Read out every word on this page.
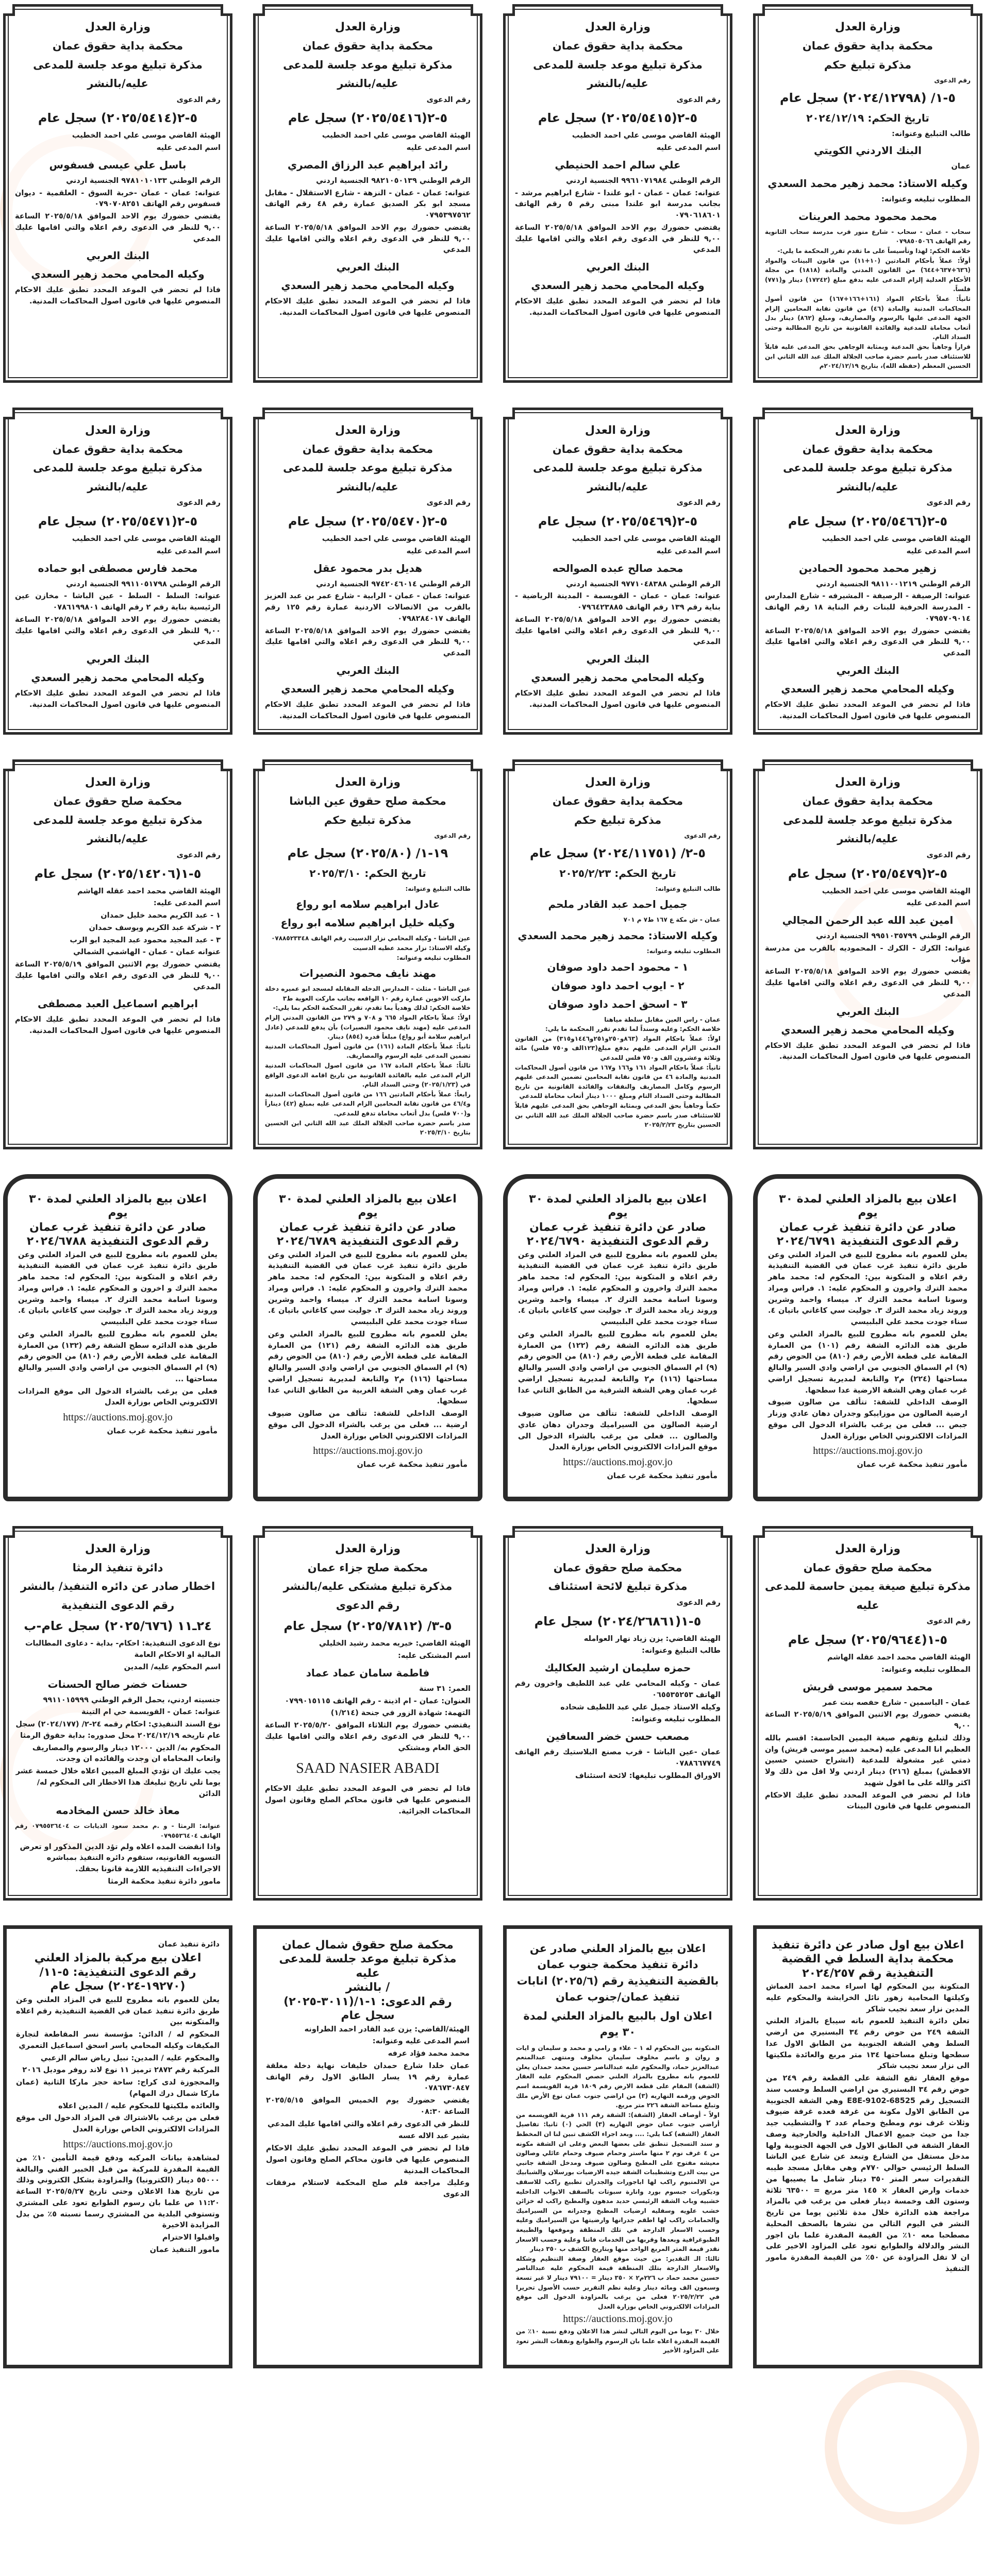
وزارة العدل

محكمة بداية حقوق عمان

مذكرة تبليغ حكم

رقم الدعوى

٥-١/ (٢٠٢٤/١٢٧٩٨) سجل عام

تاريخ الحكم: ٢٠٢٤/١٢/١٩

طالب التبليغ وعنوانه:

البنك الاردني الكويتي

عمان

وكيله الاستاذ: محمد زهير محمد السعدي

المطلوب تبليغه وعنوانه:

محمد محمود محمد العرينات

سحاب - عمان - سحاب - شارع منور قرب مدرسة سحاب الثانوية رقم الهاتف ٠٧٩٨٥٠٥٠٦٦

خلاصة الحكم: لهذا وتأسيساً على ما تقدم تقرر المحكمة ما يلي:-

أولاً: عملاً بأحكام المادتين (١٠+١١) من قانون البينات والمواد (٦٣٦+٦٣٧+٦٤٤) من القانون المدني والمادة (١٨١٨) من مجلة الأحكام العدلية إلزام المدعى عليه بدفع مبلغ (١٧٢٤٢) دينار و(٧٧١) فلساً.

ثانياً: عملاً بأحكام المواد (١٦١+١٦٦+١٦٧) من قانون أصول المحاكمات المدنية والمادة (٤٦) من قانون نقابة المحامين إلزام الجهة المدعى عليها بالرسوم والمصاريف، ومبلغ (٨٦٢) دينار بدل أتعاب محاماة للمدعية والفائدة القانونية من تاريخ المطالبة وحتى السداد التام.

قراراً وجاهياً بحق المدعية وبمثابة الوجاهي بحق المدعى عليه قابلاً للاستئناف صدر باسم حضرة صاحب الجلالة الملك عبد الله الثاني ابن الحسين المعظم (حفظه الله)، بتاريخ ٢٠٢٤/١٢/١٩م

وزارة العدل

محكمة بداية حقوق عمان

مذكرة تبليغ موعد جلسة للمدعى

عليه/بالنشر

رقم الدعوى

٥-٢(٢٠٢٥/٥٤١٥) سجل عام

الهيئة القاضي موسى علي احمد الخطيب

اسم المدعى عليه

علي سالم احمد الحنيطي

الرقم الوطني ٩٩٦١٠٧١٩٨٤ الجنسية اردني

عنوانه: عمان - عمان - ابو علندا - شارع ابراهيم مرشد - بجانب مدرسة ابو علندا مبنى رقم ٥ رقم الهاتف ٠٧٩٠٦١٨٦٠١

يقتضي حضورك يوم الاحد الموافق ٢٠٢٥/٥/١٨ الساعة ٩,٠٠ للنظر في الدعوى رقم اعلاه والتي اقامها عليك المدعي

البنك العربي

وكيله المحامي محمد زهير السعدي

فاذا لم تحضر في الموعد المحدد تطبق عليك الاحكام المنصوص عليها في قانون اصول المحاكمات المدنية.

وزارة العدل

محكمة بداية حقوق عمان

مذكرة تبليغ موعد جلسة للمدعى

عليه/بالنشر

رقم الدعوى

٥-٢(٢٠٢٥/٥٤١٦) سجل عام

الهيئة القاضي موسى علي احمد الخطيب

اسم المدعى عليه

رائد ابراهيم عبد الرزاق المصري

الرقم الوطني ٩٨٢١٠٥٠١٣٩ الجنسية اردني

عنوانه: عمان - عمان - النزهة - شارع الاستقلال - مقابل مسجد ابو بكر الصديق عمارة رقم ٤٨ رقم الهاتف ٠٧٩٥٣٩٧٥٦٢

يقتضي حضورك يوم الاحد الموافق ٢٠٢٥/٥/١٨ الساعة ٩,٠٠ للنظر في الدعوى رقم اعلاه والتي اقامها عليك المدعي

البنك العربي

وكيله المحامي محمد زهير السعدي

فاذا لم تحضر في الموعد المحدد تطبق عليك الاحكام المنصوص عليها في قانون اصول المحاكمات المدنية.

وزارة العدل

محكمة بداية حقوق عمان

مذكرة تبليغ موعد جلسة للمدعى

عليه/بالنشر

رقم الدعوى

٥-٢(٢٠٢٥/٥٤١٤) سجل عام

الهيئة القاضي موسى علي احمد الخطيب

اسم المدعى عليه

باسل علي عيسى فسفوس

الرقم الوطني ٩٧٨١٠١٠١٣٣ الجنسية اردني

عنوانه: عمان - عمان -خربة السوق - العلقمية - ديوان فسفوس رقم الهاتف ٠٧٩٠٧٠٨٢٥١

يقتضي حضورك يوم الاحد الموافق ٢٠٢٥/٥/١٨ الساعة ٩,٠٠ للنظر في الدعوى رقم اعلاه والتي اقامها عليك المدعي

البنك العربي

وكيله المحامي محمد زهير السعدي

فاذا لم تحضر في الموعد المحدد تطبق عليك الاحكام المنصوص عليها في قانون اصول المحاكمات المدنية.

وزارة العدل

محكمة بداية حقوق عمان

مذكرة تبليغ موعد جلسة للمدعى

عليه/بالنشر

رقم الدعوى

٥-٢(٢٠٢٥/٥٤٦٦) سجل عام

الهيئة القاضي موسى علي احمد الخطيب

اسم المدعى عليه

زهير محمد محمود الحمادين

الرقم الوطني ٩٨١١٠٠١٢١٩ الجنسية اردني

عنوانه: الرصيفة - الرصيفة - المشيرفه - شارع المدارس - المدرسة الحرفية للبنات رقم البناية ١٨ رقم الهاتف ٠٧٩٥٧٠٩٠١٤

يقتضي حضورك يوم الاحد الموافق ٢٠٢٥/٥/١٨ الساعة ٩,٠٠ للنظر في الدعوى رقم اعلاه والتي اقامها عليك المدعي

البنك العربي

وكيله المحامي محمد زهير السعدي

فاذا لم تحضر في الموعد المحدد تطبق عليك الاحكام المنصوص عليها في قانون اصول المحاكمات المدنية.

وزارة العدل

محكمة بداية حقوق عمان

مذكرة تبليغ موعد جلسة للمدعى

عليه/بالنشر

رقم الدعوى

٥-٢(٢٠٢٥/٥٤٦٩) سجل عام

الهيئة القاضي موسى علي احمد الخطيب

اسم المدعى عليه

محمد صالح عبده الصوالحه

الرقم الوطني ٩٧٧١٠٤٨٣٨٨ الجنسية اردني

عنوانه: عمان - عمان - القويسمة - المدينة الرياضية - بناية رقم ١٣٩ رقم الهاتف ٠٧٩٦٤٢٣٨٨٥

يقتضي حضورك يوم الاحد الموافق ٢٠٢٥/٥/١٨ الساعة ٩,٠٠ للنظر في الدعوى رقم اعلاه والتي اقامها عليك المدعي

البنك العربي

وكيله المحامي محمد زهير السعدي

فاذا لم تحضر في الموعد المحدد تطبق عليك الاحكام المنصوص عليها في قانون اصول المحاكمات المدنية.

وزارة العدل

محكمة بداية حقوق عمان

مذكرة تبليغ موعد جلسة للمدعى

عليه/بالنشر

رقم الدعوى

٥-٢(٢٠٢٥/٥٤٧٠) سجل عام

الهيئة القاضي موسى علي احمد الخطيب

اسم المدعى عليه

هديل بدر محمود عقل

الرقم الوطني ٩٧٤٢٠٤٦٠١٤ الجنسية اردني

عنوانه: عمان - عمان - الرابية - شارع عمر بن عبد العزيز بالقرب من الاتصالات الاردنية عمارة رقم ١٢٥ رقم الهاتف ٠٧٩٨٢٨٤٠١٧

يقتضي حضورك يوم الاحد الموافق ٢٠٢٥/٥/١٨ الساعة ٩,٠٠ للنظر في الدعوى رقم اعلاه والتي اقامها عليك المدعي

البنك العربي

وكيله المحامي محمد زهير السعدي

فاذا لم تحضر في الموعد المحدد تطبق عليك الاحكام المنصوص عليها في قانون اصول المحاكمات المدنية.

وزارة العدل

محكمة بداية حقوق عمان

مذكرة تبليغ موعد جلسة للمدعى

عليه/بالنشر

رقم الدعوى

٥-٢(٢٠٢٥/٥٤٧١) سجل عام

الهيئة القاضي موسى علي احمد الخطيب

اسم المدعى عليه

محمد فارس مصطفى ابو حماده

الرقم الوطني ٩٩١١٠٥١٧٩٨ الجنسية اردني

عنوانه: السلط - السلط - عين الباشا - مخازن عين الرئيسية بناية رقم ٢ رقم الهاتف ٠٧٨٦١٩٩٨٠١

يقتضي حضورك يوم الاحد الموافق ٢٠٢٥/٥/١٨ الساعة ٩,٠٠ للنظر في الدعوى رقم اعلاه والتي اقامها عليك المدعي

البنك العربي

وكيله المحامي محمد زهير السعدي

فاذا لم تحضر في الموعد المحدد تطبق عليك الاحكام المنصوص عليها في قانون اصول المحاكمات المدنية.

وزارة العدل

محكمة بداية حقوق عمان

مذكرة تبليغ موعد جلسة للمدعى

عليه/بالنشر

رقم الدعوى

٥-٢(٢٠٢٥/٥٤٧٩) سجل عام

الهيئة القاضي موسى علي احمد الخطيب

اسم المدعى عليه

امين عبد الله عبد الرحمن المجالي

الرقم الوطني ٩٩٥١٠٣٥٧٩٩ الجنسية اردني

عنوانه: الكرك - الكرك - المحموديه بالقرب من مدرسة مؤاب

يقتضي حضورك يوم الاحد الموافق ٢٠٢٥/٥/١٨ الساعة ٩,٠٠ للنظر في الدعوى رقم اعلاه والتي اقامها عليك المدعي

البنك العربي

وكيله المحامي محمد زهير السعدي

فاذا لم تحضر في الموعد المحدد تطبق عليك الاحكام المنصوص عليها في قانون اصول المحاكمات المدنية.

وزارة العدل

محكمة بداية حقوق عمان

مذكرة تبليغ حكم

رقم الدعوى

٥-٢/ (٢٠٢٤/١١٧٥١) سجل عام

تاريخ الحكم: ٢٠٢٥/٢/٢٣

طالب التبليغ وعنوانه:

جميل احمد عبد القادر ملحم

عمان - ش مكة ع ١٦٧ ط٧ م ٧٠١

وكيله الاستاذ: محمد زهير محمد السعدي

المطلوب تبليغه وعنوانه:

١ - محمود احمد داود صوفان

٢ - ايوب احمد داود صوفان

٣ - اسحق احمد داود صوفان

عمان - راس العين مقابل سلطة مياهنا

خلاصة الحكم: وعليه وسنداً لما تقدم تقرر المحكمة ما يلي:

اولاً: عملاً باحكام المواد (٨٦٣و٢٥٠و٢٥١و١٤٤٦و٣١٥) من القانون المدني الزام المدعى عليهم بدفع مبلغ(١٢٣الف و٧٥٠ فلس) مائة وثلاثة وعشرون الف و٧٥٠ فلس للمدعي

ثانياً: عملاً باحكام المواد ١٦١ و١٦٦ و١٦٧ من قانون أصول المحاكمات المدنية والمادة ٤٦ من قانون نقابة المحامين تضمين المدعى عليهم الرسوم وكامل المصاريف والنفقات والفائدة القانونية من تاريخ المطالبة وحتى السداد التام ومبلغ ١٠٠٠ دينار أتعاب محاماة للمدعي

حكماً وجاهياً بحق المدعي وبمثابة الوجاهي بحق المدعى عليهم قابلاً للاستئناف صدر باسم حضرة صاحب الجلالة الملك عبد الله الثاني بن الحسين بتاريخ ٢٠٢٥/٢/٢٣

وزارة العدل

محكمة صلح حقوق عين الباشا

مذكرة تبليغ حكم

رقم الدعوى

١٩-١/ (٢٠٢٥/٨٠) سجل عام

تاريخ الحكم: ٢٠٢٥/٣/١٠

طالب التبليغ وعنوانه:

عادل ابراهيم سلامه ابو رواع

وكيله خليل ابراهيم سلامه ابو رواع

عين الباشا - وكيله المحامي نزار الدسيت رقم الهاتف ٠٧٨٨٥٢٣٣٤٨

وكيله الاستاذ: نزار محمد عطيه الدسيت

المطلوب تبليغه وعنوانه:

مهند نايف محمود النصيرات

عين الباشا - مثلث - المدارس الدخله المقابله لمسجد ابو عميره دخلة ماركت الاخوين عمارة رقم ١٠ الواقعه بجانب ماركت العوية ط٣

خلاصة الحكم: لذلك وهدياً بما تقدم، تقرر المحكمة الحكم بما يلي:-

اولاً: عملاً باحكام المواد ٦٦٥ و ٧٠٨ و ٢٧٩ من القانون المدني إلزام المدعى عليه (مهند نايف محمود النصيرات) بأن يدفع للمدعي (عادل ابراهيم سلامة أبو رواع) مبلغاً قدره (٨٥٤) دينار.

ثانياً: عملاً بأحكام المادة (١٦١) من قانون أصول المحاكمات المدنية تضمين المدعى عليه الرسوم والمصاريف.

ثالثاً: عملاً باحكام المادة ١٦٧ من قانون اصول المحاكمات المدنية الزام المدعى عليه بالفائدة القانونية من تاريخ اقامة الدعوى الواقع في (٢٠٢٥/١/٢٣) وحتى السداد التام.

رابعاً: عملاً بأحكام المادتين ١٦٦ من قانون أصول المحاكمات المدنية و٤٦/٤ من قانون نقابة المحامين الزام المدعى عليه بمبلغ (٤٢) ديناراً و(٧٠٠ فلس) بدل أتعاب محاماة تدفع للمدعي.

صدر باسم حضرة صاحب الجلالة الملك عبد الله الثاني ابن الحسين بتاريخ ٢٠٢٥/٣/١٠

وزارة العدل

محكمة صلح حقوق عمان

مذكرة تبليغ موعد جلسة للمدعى

عليه/بالنشر

رقم الدعوى

٥-١(٢٠٢٥/١٤٢٠٦) سجل عام

الهيئة القاضي محمد احمد عقله الهاشم

اسم المدعى عليه:

١ - عبد الكريم محمد خليل حمدان

٢ - شركة عبد الكريم ويوسف حمدان

٣ - عبد المجيد محمود عبد المجيد ابو الرب

عنوانه عمان - عمان - الهاشمي الشمالي

يقتضي حضورك يوم الاثنين الموافق ٢٠٢٥/٥/١٩ الساعة ٩,٠٠ للنظر في الدعوى رقم اعلاه والتي اقامها عليك المدعي

ابراهيم اسماعيل العبد مصطفى

فاذا لم تحضر في الموعد المحدد تطبق عليك الاحكام المنصوص عليها في قانون اصول المحاكمات المدنية.

اعلان بيع بالمزاد العلني لمدة ٣٠ يوم

صادر عن دائرة تنفيذ غرب عمان

رقم الدعوى التنفيذية ٢٠٢٤/٦٧٩١

يعلن للعموم بانه مطروح للبيع في المزاد العلني وعن طريق دائرة تنفيذ غرب عمان في القضية التنفيذية رقم اعلاه و المتكونة بين: المحكوم له: محمد ماهر محمد الترك واخرون و المحكوم عليه: ١. فراس ومراد وسونا اسامة محمد الترك ٢. ميساء واحمد وشرين وروند زياد محمد الترك ٣. جوليت سي كاغاني باتيان ٤. سناء جودت محمد علي البلبيسي

يعلن للعموم بانه مطروح للبيع بالمزاد العلني وعن طريق هذه الدائره الشقة رقم (١٠١) من العمارة المقامة على قطعة الأرض رقم (٨١٠) من الحوض رقم (٩) ام السماق الجنوبي من اراضي وادي السير والبالغ مساحتها (٢٢٤) م٢ والتابعة لمديرية تسجيل اراضي غرب عمان وهي الشقة الارضية عدا سطحها.

الوصف الداخلي للشقة: تتألف من صالون ضيوف ارضية الصالون من موزاييكو وجدران دهان عادي وزنار جبص ... فعلى من يرغب بالشراء الدخول الى موقع المزادات الالكتروني الخاص بوزارة العدل

https://auctions.moj.gov.jo

مأمور تنفيذ محكمة غرب عمان

اعلان بيع بالمزاد العلني لمدة ٣٠ يوم

صادر عن دائرة تنفيذ غرب عمان

رقم الدعوى التنفيذية ٢٠٢٤/٦٧٩٠

يعلن للعموم بانه مطروح للبيع في المزاد العلني وعن طريق دائرة تنفيذ غرب عمان في القضية التنفيذية رقم اعلاه و المتكونة بين: المحكوم له: محمد ماهر محمد الترك واخرون و المحكوم عليه: ١. فراس ومراد وسونا اسامة محمد الترك ٢. ميساء واحمد وشرين وروند زياد محمد الترك ٣. جوليت سي كاغاني باتيان ٤. سناء جودت محمد علي البلبيسي

يعلن للعموم بانه مطروح للبيع بالمزاد العلني وعن طريق هذه الدائره الشقة رقم (١٢٢) من العمارة المقامة على قطعة الأرض رقم (٨١٠) من الحوض رقم (٩) ام السماق الجنوبي من اراضي وادي السير والبالغ مساحتها (١١٦) م٢ والتابعة لمديرية تسجيل اراضي غرب عمان وهي الشقة الشرقية من الطابق الثاني عدا سطحها.

الوصف الداخلي للشقة: تتألف من صالون ضيوف ارضية الصالون من السيراميك وجدران دهان عادي والصالون ... فعلى من يرغب بالشراء الدخول الى موقع المزادات الالكتروني الخاص بوزارة العدل

https://auctions.moj.gov.jo

مأمور تنفيذ محكمة غرب عمان

اعلان بيع بالمزاد العلني لمدة ٣٠ يوم

صادر عن دائرة تنفيذ غرب عمان

رقم الدعوى التنفيذية ٢٠٢٤/٦٧٨٩

يعلن للعموم بانه مطروح للبيع في المزاد العلني وعن طريق دائرة تنفيذ غرب عمان في القضية التنفيذية رقم اعلاه و المتكونة بين: المحكوم له: محمد ماهر محمد الترك واخرون و المحكوم عليه: ١. فراس ومراد وسونا اسامة محمد الترك ٢. ميساء واحمد وشرين وروند زياد محمد الترك ٣. جوليت سي كاغاني باتيان ٤. سناء جودت محمد علي البلبيسي

يعلن للعموم بانه مطروح للبيع بالمزاد العلني وعن طريق هذه الدائره الشقة رقم (١٢١) من العمارة المقامة على قطعة الأرض رقم (٨١٠) من الحوض رقم (٩) ام السماق الجنوبي من اراضي وادي السير والبالغ مساحتها (١١٦) م٢ والتابعة لمديرية تسجيل اراضي غرب عمان وهي الشقة الغربية من الطابق الثاني عدا سطحها.

الوصف الداخلي للشقة: تتألف من صالون ضيوف ارضية ... فعلى من يرغب بالشراء الدخول الى موقع المزادات الالكتروني الخاص بوزارة العدل

https://auctions.moj.gov.jo

مأمور تنفيذ محكمة غرب عمان

اعلان بيع بالمزاد العلني لمدة ٣٠ يوم

صادر عن دائرة تنفيذ غرب عمان

رقم الدعوى التنفيذية ٢٠٢٤/٦٧٨٨

يعلن للعموم بانه مطروح للبيع في المزاد العلني وعن طريق دائرة تنفيذ غرب عمان في القضية التنفيذية رقم اعلاه و المتكونة بين: المحكوم له: محمد ماهر محمد الترك و اخرون و المحكوم عليه: ١. فراس ومراد وسونا اسامة محمد الترك ٢. ميساء واحمد وشرين وروند زياد محمد الترك ٣. جوليت سي كاغاني باتيان ٤. سناء جودت محمد علي البلبيسي

يعلن للعموم بانه مطروح للبيع بالمزاد العلني وعن طريق هذه الدائره سطح الشقة رقم (١٣٢) من العمارة المقامة على قطعة الأرض رقم (٨١٠) من الحوض رقم (٩) ام السماق الجنوبي من اراضي وادي السير والبالغ مساحتها ...

فعلى من يرغب بالشراء الدخول الى موقع المزادات الالكتروني الخاص بوزارة العدل

https://auctions.moj.gov.jo

مأمور تنفيذ محكمة غرب عمان

وزارة العدل

محكمة صلح حقوق عمان

مذكرة تبليغ صيغة يمين حاسمة للمدعى

عليه

رقم الدعوى

٥-١(٢٠٢٥/٩٦٤٤) سجل عام

الهيئة القاضي محمد احمد عقله الهاشم

المطلوب تبليغه وعنوانه:

محمد سمير موسى قريش

عمان - الياسمين - شارع حفصه بنت عمر

يقتضي حضورك يوم الاثنين الموافق ٢٠٢٥/٥/١٩ الساعة ٩,٠٠

وذلك لتبليغ وتفهم صيغة اليمين الحاسمة: اقسم بالله العظيم انا المدعى عليه (محمد سمير موسى قريش) وان ذمتي غير مشغولة للمدعية (انشراح حسني حسين الاقطش) بمبلغ (٢١٦) دينار اردني ولا اقل من ذلك ولا اكثر والله على ما اقول شهيد

فاذا لم تحضر في الموعد المحدد تطبق عليك الاحكام المنصوص عليها في قانون البينات

وزارة العدل

محكمة صلح حقوق عمان

مذكرة تبليغ لائحة استئناف

رقم الدعوى

٥-١(٢٠٢٤/٢٦٨٦١) سجل عام

الهيئة القاضي: يزن زياد نهار العوامله

طالب التبليغ وعنوانه:

حمزه سليمان ارشيد العكاليك

عمان - وكيله المحامي علي عبد اللطيف واخرون رقم الهاتف ٠٦٥٥٣٥٢٥٣

وكيله الاستاذ جميل علي عبد اللطيف شحاده

المطلوب تبليغه وعنوانه:

مصعب حسن خضر السعافين

عمان -عين الباشا - قرب مصنع البلاستيك رقم الهاتف ٠٧٨٨٦٦٧٧٤٩

الاوراق المطلوب تبليغها: لائحة استئناف

وزارة العدل

محكمة صلح جزاء عمان

مذكرة تبليغ مشتكى عليه/بالنشر

رقم الدعوى

٥-٣/ (٢٠٢٥/٧٨١٢) سجل عام

الهيئة القاضي: خيريه محمد رشيد الخليلي

اسم المشتكى عليه:

فاطمة سامان عماد عماد

العمر: ٣١ سنة

العنوان: عمان - ام اذينة - رقم الهاتف ٠٧٩٩٠١٥١١٥

التهمة: شهادة الزور في جنحة (١/٢١٤)

يقتضي حضورك يوم الثلاثاء الموافق ٢٠٢٥/٥/٢٠ الساعة ٩,٠٠ للنظر في الدعوى رقم اعلاه والتي اقامها عليك الحق العام ومشتكي

SAAD NASIER ABADI

فاذا لم تحضر في الموعد المحدد تطبق عليك الاحكام المنصوص عليها في قانون محاكم الصلح وقانون اصول المحاكمات الجزائية.

وزارة العدل

دائرة تنفيذ الرمثا

اخطار صادر عن دائره التنفيذ/ بالنشر

رقم الدعوى التنفيذية

٢٤ـ١١ (٢٠٢٥/٦٧٦) سجل عام-ب

نوع الدعوى التنفيذية: احكام- بداية - دعاوى المطالبات المالية او الاحكام العامة

اسم المحكوم عليه/ المدين

حسنات خضر صالح الحسنات

جنسيته اردني، يحمل الرقم الوطني ٩٩١١٠١٥٩٩٩

عنوانه: عمان - القويسمة حي ام التينة

نوع السند التنفيذي: احكام رقمه ٢٤-٢/ (٢٠٢٤/١٧٧) سجل عام تاريخه ٢٠٢٤/١٢/١٩ محل صدوره: بداية حقوق الرمثا

المحكوم به/ الدين ١٢٠٠٠ دينار والرسوم والمصاريف واتعاب المحاماه ان وجدت والفائده ان وجدت.

يجب عليك ان تؤدي المبلغ المبين اعلاه خلال خمسة عشر يوما تلي تاريخ تبليغك هذا الاخطار الى المحكوم له/ الدائن

معاذ خالد حسن المخادمه

عنوانه: الرمثا - و .م محمد سعود الذيابات ت ٠٧٩٥٥٣٦٤٠٤ رقم الهاتف ٠٧٩٥٥٣٦٤٠٤

واذا انقضت المده اعلاه ولم تؤد الدين المذكور او تعرض التسويه القانونيه، ستقوم دائره التنفيذ بمباشره الاجراءات التنفيذيه اللازمة قانونا بحقك.

مامور دائرة تنفيذ محكمة الرمثا

اعلان بيع اول صادر عن دائرة تنفيذ

محكمة بداية السلط في القضية

التنفيذية رقم ٢٠٢٤/٢٥٧

المتكونة بين المحكوم لها اسراء محمد احمد الغماش وكيلتها المحامية زهور نائل الخرابشة والمحكوم عليه المدين نزار سعد نجيب شاكر

تعلن دائرة التنفيذ للعموم بانه سيباع بالمزاد العلني الشقة ٢٤٩ من حوض رقم ٣٤ البسنيري من ارضي السلط وهي الشقة الجنوبية من الطابق الاول عدا سطحها وتبلغ مساحتها ١٣٤ متر مربع والعائدة ملكيتها الى نزار سعد نجيب شاكر

موقع العقار تقع الشقة على القطعة رقم ٢٤٩ من حوض رقم ٣٤ البسنيري من اراضي السلط وحسب سند التسجيل رقم 68525-E8E-9102 وهي الشقة الجنوبية من الطابق الاول مكونة من غرفة قعده غرفة ضيوف وثلاث غرف نوم ومطبخ وحمام عدد ٢ والتشطيب جيد جدا من حيث جميع الاعمال الداخلية والخارجية وصف العقار الشقة في الطابق الاول في الجهة الجنوبية ولها مدخل مستقل من الشارع وتبعد عن شارع عين الباشا السلط الرئيسي حوالي ٧٧٠م وهي مقابل مسجد طيبه التقديرات سعر المتر ٣٥٠ دينار شامل ما يصيبها من خدمات وارض العقار × ١٤٥ متر مربع = ٦٣٥٠٠ ثلاثة وستون الف وخمسة دينار فعلى من يرغب في بالمزاد مراجعة هذه الدائرة خلال مدة ثلاثين يوما من تاريخ النشر في اليوم التالي من نشرها بالصحف المحلية مصطحبا معه ١٠٪ من القيمة المقدرة علما بان اجور النشر والدلالة والطوابع تعود على المزاود الاخير على ان لا تقل المزاودة عن ٥٠٪ من القيمة المقدرة مامور التنفيذ

اعلان بيع بالمزاد العلني صادر عن دائرة تنفيذ محكمة جنوب عمان بالقضية التنفيذية رقم (٢٠٢٥/٦) انابات تنفيذ عمان/جنوب عمان

اعلان اول بالبيع بالمزاد العلني لمدة ٣٠ يوم

المتكونه بين المحكوم له ١ – علاء و رامي و محمد و سليمان و ايات و روان و باسم مخلوف سليمان مخلوف ومنتهى عبدالمنعم عبدالعزيز حماد، والمحكوم عليه عبدالناصر حسين محمد حمدان يعلن للعموم بانه مطروح بالمزاد العلني حصص المحكوم عليه العقار (الشقة) المقام على قطعة الارض رقم ١٨٠٩ قرية القويسمة اسم الحوض ورقمه النهاريه (٣) من اراضي جنوب عمان نوع الأرض ملك وتبلغ مساحة الشقة ٢٢٦ متر مربع.

اولاً - أوصاف العقار (الشقة): الشقة رقم ١١١ قرية القويسمه من أراضي جنوب عمان حوض النهاريه (٣) الحي (٠) ثانيا: تفاصيل العقار (الشقه) كما يلي: .... وبعد اجراء الكشف تبين لنا ان المخطط و سند التسجيل تنطبق على بعضها البعض وعلى ان الشقة مكونه من ٤ غرف نوم ٢ منها ماستر وحمام ضيوف وحمام عائلي وصالون معيشه مفتوح على المطبخ وصالون ضيوف ومدخل الشقة جانبي من بيت الدرج وتشطيبات الشقة جيده الارضيات بورسلان والشبابيك من الالمنيوم راكب لها اباجورات والجدران تطبيع راكب للاسقف وديكورات جبسوم بورد وانارة سبوتات بالسقف الابواب الداخليه خشبيه وباب الشقة الرئيسي حديد مدهون والمطبخ راكب له خزائن خشب علويه وسفليه ارضيات المطبخ وجدرانه من السيراميك والحمامات راكب لها اطقم جدرانها وارضيتها من السيراميك وعليه وحسب الاسعار الدارجة في تلك المنطقة وموقعها والطبيعة الطبوغرافية وبعدها وقربها من الخدمات فاننا وعلية وحسب الاسعار نقدر قيمة المتر المربع الواحد منها وبتاريخ الكشف ب ٣٥٠ دينار

ثالثا: الـ التقدير: من حيث موقع العقار وصفة التنظيم وشكله والاسعار الدارجة بتلك المنطقة قيمة المحكوم عليه عبدالناصر حسين محمد حماد ب ٢٢٦م٢ × ٣٥٠ دينار = ٧٩١٠٠ دينار لا غير تسعة وسبعون الف ومائه دينار وعلية نظم التقرير حسب الأصول تحريرا في ٢٠٢٥/٢/٢٢ فعلى من يرغب بالمزاودة الدخول الى موقع المزادات الالكتروني الخاص بوزارة العدل

https://auctions.moj.gov.jo

خلال ٣٠ يوما من اليوم التالي لنشر هذا الاعلان ودفع نسبة ١٠٪ من القيمة المقدرة اعلاه علما بان الرسوم والطوابع ونفقات النشر تعود على المزاود الأخير

محكمة صلح حقوق شمال عمان

مذكرة تبليغ موعد جلسة للمدعى عليه

/ بالنشر

رقم الدعوى: ١-١/(٣٠١١-٢٠٢٥)

سجل عام

الهيئة/القاضي: يزن عبد القادر احمد الطراونه

اسم المدعى عليه وعنوانه:

محمد محمد فؤاد عرفه

عمان خلدا شارع حمدان خليفات نهاية دخلة مغلقة عمارة رقم ١٩ يسار الطابق الاول رقم الهاتف ٠٧٨٦٧٣٠٨٤٧

يقتضي حضورك يوم الخميس الموافق ٢٠٢٥/٥/١٥ الساعة ٠٨:٣٠

للنظر في الدعوى رقم اعلاه والتي اقامها عليك المدعي

بشير عبد الاله عسه

فاذا لم تحضر في الموعد المحدد تطبق عليك الاحكام المنصوص عليها في قانون محاكم الصلح وقانون اصول المحاكمات المدنية

وعليك مراجعة قلم صلح المحكمة لاستلام مرفقات الدعوى

دائرة تنفيذ عمان

اعلان بيع مركبة بالمزاد العلني

رقم الدعوى التنفيذية: ٥-١١/

(١٩٢٧٠-٢٠٢٤) سجل عام

يعلن للعموم بانه مطروح للبيع في المزاد العلني وعن طريق دائرة تنفيذ عمان في القضية التنفيذية رقم اعلاه والمتكونه بين

المحكوم له / الدائن: مؤسسة نسر المقاطعة لتجارة المكيفات وكيله المحامي ياسر اسحق اسماعيل التعمري

والمحكوم عليه / المدين: نبيل رياض سالم الزعبي

المركبة رقم ٢٨٧٢ ترميز ١١ نوع لاند روفر موديل ٢٠١٦

والمحجوزة لدى كراج: ساحة حجز ماركا الثانية (عمان ماركا شمال درك المهام)

والعائده ملكيتها للمحكوم عليه / المدين اعلاه

فعلى من يرغب بالاشتراك في المزاد الدخول الى موقع المزادات الالكتروني الخاص بوزارة العدل

https://auctions.moj.gov.jo

لمشاهدة بيانات المركبه ودفع قيمة التأمين ١٠٪ من القيمة المقدرة للمركبة من قبل الخبير الفني والبالغة ٥٥٠٠٠ دينار (الكترونيا) والمزاودة بشكل الكتروني وذلك من تاريخ هذا الاعلان وحتى تاريخ ٢٠٢٥/٥/٢٧ الساعة ١١:٢٠ ص علما بان رسوم الطوابع تعود على المشتري وتستوفي البلدية من المشتري رسما نسبته ٥٪ من بدل المزايدة الاخيرة

واقبلوا الاحترام

مامور التنفيذ عمان
